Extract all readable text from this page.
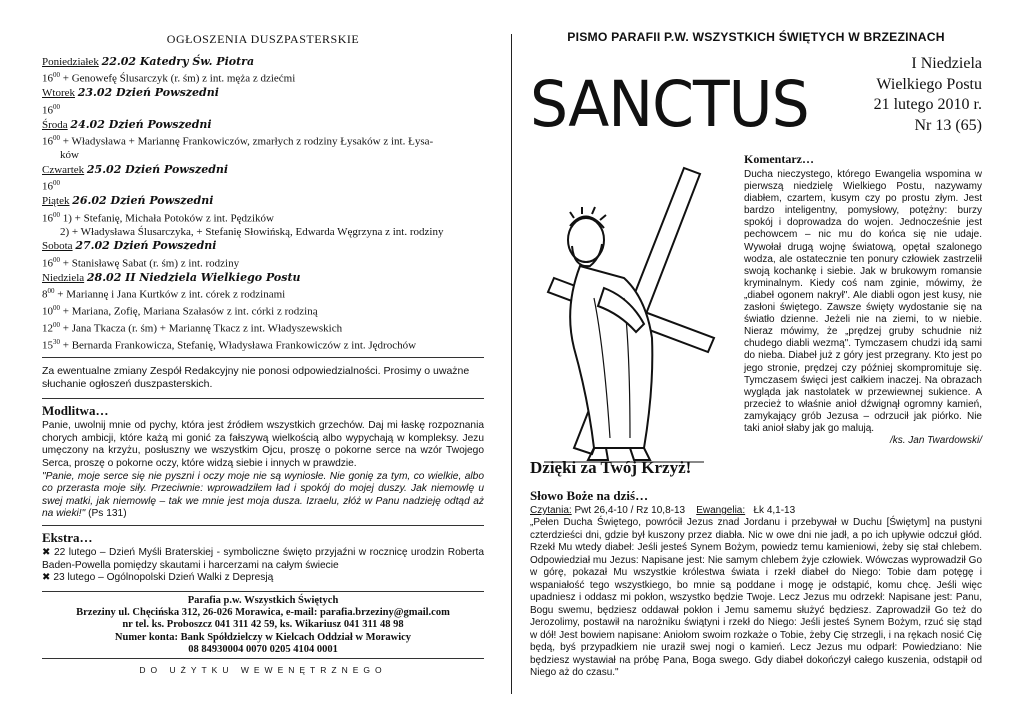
OGŁOSZENIA DUSZPASTERSKIE
Poniedziałek 22.02 Katedry Św. Piotra
$16^{00}$ + Genowefę Ślusarczyk (r. śm) z int. męża z dziećmi
Wtorek 23.02 Dzień Powszedni
$16^{00}$
Środa 24.02 Dzień Powszedni
$16^{00}$ + Władysława + Mariannę Frankowiczów, zmarłych z rodziny Łysaków z int. Łysa-
ków
Czwartek 25.02 Dzień Powszedni
$16^{00}$
Piątek 26.02 Dzień Powszedni
$16^{00}$ 1) + Stefanię, Michała Potoków z int. Pędzików
2) + Władysława Ślusarczyka, + Stefanię Słowińską, Edwarda Węgrzyna z int. rodziny
Sobota 27.02 Dzień Powszedni
$16^{00}$ + Stanisławę Sabat (r. śm) z int. rodziny
Niedziela 28.02 II Niedziela Wielkiego Postu
$8^{00}$ + Mariannę i Jana Kurtków z int. córek z rodzinami
$10^{00}$ + Mariana, Zofię, Mariana Szałasów z int. córki z rodziną
$12^{00}$ + Jana Tkacza (r. śm) + Mariannę Tkacz z int. Władyszewskich
$15^{30}$ + Bernarda Frankowicza, Stefanię, Władysława Frankowiczów z int. Jędrochów
Za ewentualne zmiany Zespół Redakcyjny nie ponosi odpowiedzialności. Prosimy o uważne słuchanie ogłoszeń duszpasterskich.
Modlitwa…
Panie, uwolnij mnie od pychy, która jest źródłem wszystkich grzechów. Daj mi łaskę rozpoznania chorych ambicji, które każą mi gonić za fałszywą wielkością albo wypychają w kompleksy. Jezu umęczony na krzyżu, posłuszny we wszystkim Ojcu, proszę o pokorne serce na wzór Twojego Serca, proszę o pokorne oczy, które widzą siebie i innych w prawdzie.
"Panie, moje serce się nie pyszni i oczy moje nie są wyniosłe. Nie gonię za tym, co wielkie, albo co przerasta moje siły. Przeciwnie: wprowadziłem ład i spokój do mojej duszy. Jak niemowlę u swej matki, jak niemowlę – tak we mnie jest moja dusza. Izraelu, złóż w Panu nadzieję odtąd aż na wieki!" (Ps 131)
Ekstra…
✖ 22 lutego – Dzień Myśli Braterskiej - symboliczne święto przyjaźni w rocznicę urodzin Roberta Baden-Powella pomiędzy skautami i harcerzami na całym świecie
✖ 23 lutego – Ogólnopolski Dzień Walki z Depresją
Parafia p.w. Wszystkich Świętych
Brzeziny ul. Chęcińska 312, 26-026 Morawica, e-mail: parafia.brzeziny@gmail.com
nr tel. ks. Proboszcz 041 311 42 59, ks. Wikariusz 041 311 48 98
Numer konta: Bank Spółdzielczy w Kielcach Oddział w Morawicy
08 84930004 0070 0205 4104 0001
DO UŻYTKU WEWENĘTRZNEGO
PISMO PARAFII P.W. WSZYSTKICH ŚWIĘTYCH W BRZEZINACH
SANCTUS
I Niedziela
Wielkiego Postu
21 lutego 2010 r.
Nr 13 (65)
Komentarz…
Ducha nieczystego, którego Ewangelia wspomina w pierwszą niedzielę Wielkiego Postu, nazywamy diabłem, czartem, kusym czy po prostu złym. Jest bardzo inteligentny, pomysłowy, potężny: burzy spokój i doprowadza do wojen. Jednocześnie jest pechowcem – nic mu do końca się nie udaje. Wywołał drugą wojnę światową, opętał szalonego wodza, ale ostatecznie ten ponury człowiek zastrzelił swoją kochankę i siebie. Jak w brukowym romansie kryminalnym. Kiedy coś nam zginie, mówimy, że „diabeł ogonem nakrył". Ale diabli ogon jest kusy, nie zasłoni świętego. Zawsze święty wydostanie się na światło dzienne. Jeżeli nie na ziemi, to w niebie. Nieraz mówimy, że „prędzej gruby schudnie niż chudego diabli wezmą". Tymczasem chudzi idą sami do nieba. Diabeł już z góry jest przegrany. Kto jest po jego stronie, prędzej czy później skompromituje się. Tymczasem święci jest całkiem inaczej. Na obrazach wygląda jak nastolatek w przewiewnej sukience. A przecież to właśnie anioł dźwignął ogromny kamień, zamykający grób Jezusa – odrzucił jak piórko. Nie taki anioł słaby jak go malują.
/ks. Jan Twardowski/
Dzięki za Twój Krzyż!
Słowo Boże na dziś…
Czytania: Pwt 26,4-10 / Rz 10,8-13 Ewangelia: Łk 4,1-13
„Pełen Ducha Świętego, powrócił Jezus znad Jordanu i przebywał w Duchu [Świętym] na pustyni czterdzieści dni, gdzie był kuszony przez diabła. Nic w owe dni nie jadł, a po ich upływie odczuł głód. Rzekł Mu wtedy diabeł: Jeśli jesteś Synem Bożym, powiedz temu kamieniowi, żeby się stał chlebem. Odpowiedział mu Jezus: Napisane jest: Nie samym chlebem żyje człowiek. Wówczas wyprowadził Go w górę, pokazał Mu wszystkie królestwa świata i rzekł diabeł do Niego: Tobie dam potęgę i wspaniałość tego wszystkiego, bo mnie są poddane i mogę je odstąpić, komu chcę. Jeśli więc upadniesz i oddasz mi pokłon, wszystko będzie Twoje. Lecz Jezus mu odrzekł: Napisane jest: Panu, Bogu swemu, będziesz oddawał pokłon i Jemu samemu służyć będziesz. Zaprowadził Go też do Jerozolimy, postawił na narożniku świątyni i rzekł do Niego: Jeśli jesteś Synem Bożym, rzuć się stąd w dół! Jest bowiem napisane: Aniołom swoim rozkaże o Tobie, żeby Cię strzegli, i na rękach nosić Cię będą, byś przypadkiem nie uraził swej nogi o kamień. Lecz Jezus mu odparł: Powiedziano: Nie będziesz wystawiał na próbę Pana, Boga swego. Gdy diabeł dokończył całego kuszenia, odstąpił od Niego aż do czasu."
